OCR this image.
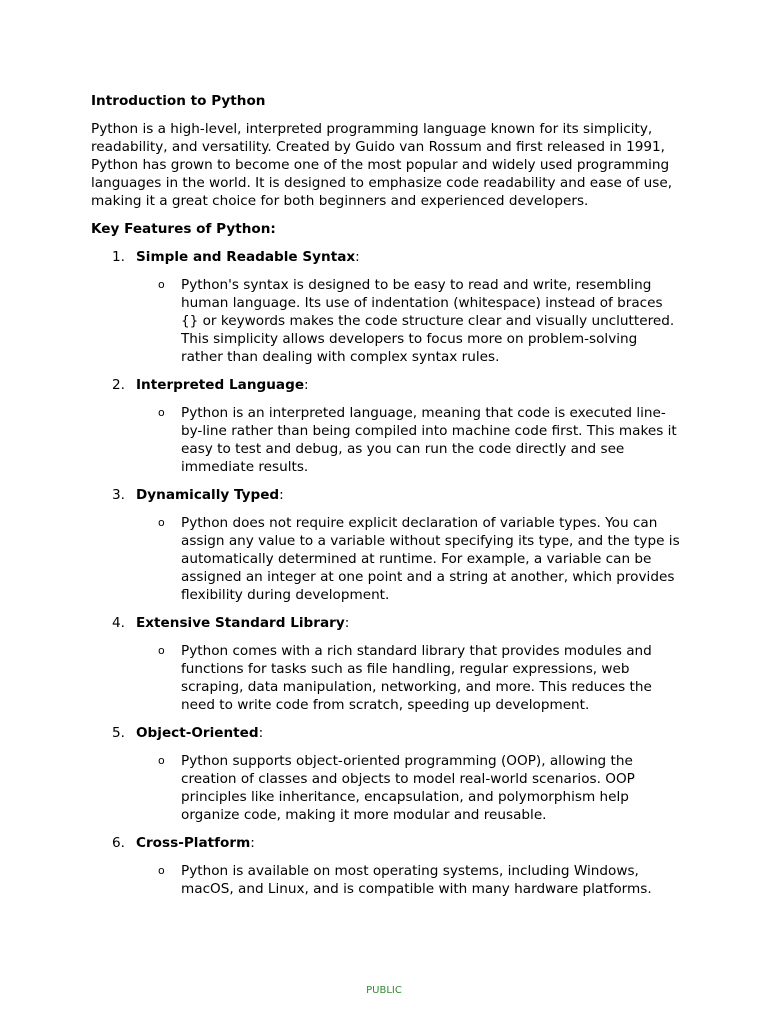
Introduction to Python

Python is a high-level, interpreted programming language known for its simplicity, readability, and versatility. Created by Guido van Rossum and first released in 1991, Python has grown to become one of the most popular and widely used programming languages in the world. It is designed to emphasize code readability and ease of use, making it a great choice for both beginners and experienced developers.

Key Features of Python:

1. Simple and Readable Syntax:

o Python's syntax is designed to be easy to read and write, resembling human language. Its use of indentation (whitespace) instead of braces {} or keywords makes the code structure clear and visually uncluttered. This simplicity allows developers to focus more on problem-solving rather than dealing with complex syntax rules.

2. Interpreted Language:

o Python is an interpreted language, meaning that code is executed line-by-line rather than being compiled into machine code first. This makes it easy to test and debug, as you can run the code directly and see immediate results.

3. Dynamically Typed:

o Python does not require explicit declaration of variable types. You can assign any value to a variable without specifying its type, and the type is automatically determined at runtime. For example, a variable can be assigned an integer at one point and a string at another, which provides flexibility during development.

4. Extensive Standard Library:

o Python comes with a rich standard library that provides modules and functions for tasks such as file handling, regular expressions, web scraping, data manipulation, networking, and more. This reduces the need to write code from scratch, speeding up development.

5. Object-Oriented:

o Python supports object-oriented programming (OOP), allowing the creation of classes and objects to model real-world scenarios. OOP principles like inheritance, encapsulation, and polymorphism help organize code, making it more modular and reusable.

6. Cross-Platform:

o Python is available on most operating systems, including Windows, macOS, and Linux, and is compatible with many hardware platforms.

PUBLIC
